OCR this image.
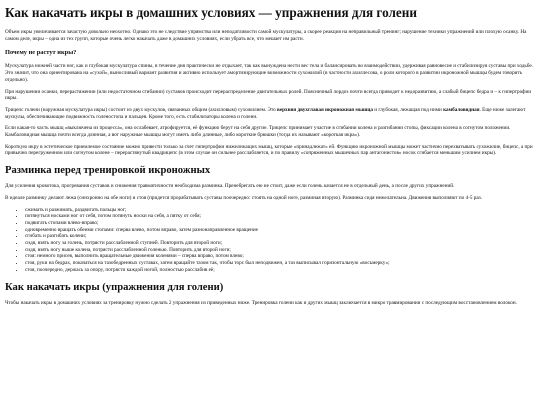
Как накачать икры в домашних условиях — упражнения для голени

Объем икры увеличивается зачастую довольно неохотно. Однако это не следствие упрямства или неподатливости самой мускулатуры, а скорее реакция на неправильный тренинг; нарушение техники упражнений или плохую осанку. На самом деле, икры – одна из тех групп, которые очень легко накачать даже в домашних условиях, если убрать все, что мешает им расти.

Почему не растут икры?

Мускулатура нижней части ног, как и глубокая мускулатура спины, в течение дня практически не отдыхает, так как вынуждена нести вес тела и балансировать во взаимодействии, удерживая равновесие и стабилизируя суставы при ходьбе. Это значит, что она ориентирована на «сухой», выносливый вариант развития и активно использует амортизирующие возможности сухожилий (в частности ахиллесова, о роли которого в развитии икроножной мышцы будем говорить отдельно).

При нарушении осанки, перерастяжении (или недостаточном сгибании) суставов происходит перераспределение двигательных ролей. Поясничный лордоз почти всегда приводит к недоразвитию, а слабый бицепс бедра и – к гипертрофии икры.

Трицепс голени (наружная мускулатура икры) состоит из двух мускулов, связанных общим (ахилловым) сухожилием. Это верхняя двухглавая икроножная мышца и глубокая, лежащая под ними камбаловидная. Еще ниже залегают мускулы, обеспечивающие подвижность голеностопа и пальцев. Кроме того, есть стабилизаторы колена и голени.

Если какая-то часть мышц «выключена из процесса», она ослабевает, атрофируется, её функцию берут на себя другие. Трицепс принимает участие в сгибании колена и разгибании стопы, фиксации колена в согнутом положении. Камбаловидная мышца почти всегда длинная, а вот наружные мышцы могут иметь либо длинные, либо короткие брюшки (тогда их называют «короткая икра»).

Короткую икру в эстетическое приемлемое состояние можно привести только за счет гипертрофии нижележащих мышц, которые «принадлежат» ей. Функцию икроножной мышцы может частично перехватывать сухожилие, бицепс, а при привычно перегруженном или согнутом колене – перерастянутый квадрицепс (в этом случае он сильнее расслабляется, и по правилу «сопряженных мышечных пар антагонистов» носок сгибается меньшим усилием икры).

Разминка перед тренировкой икроножных

Для усиления кровотока, прогревания суставов и снижения травматичности необходима разминка. Пренебрегать ею не стоит, даже если голень качается не в отдельный день, а после других упражнений.

В идеале разминку делают лежа (синхронно на обе ноги) и стоя (придется прорабатывать суставы поочередно: стоять на одной ноге, разминая вторую). Разминка сидя нежелательна. Движения выполняют по 4-5 раз.

• сжимать и разжимать, раздвигать пальцы ног;
• потянуться носками ног от себя, потом потянуть носки на себя, а пятку от себя;
• подвигать стопами влево-вправо;
• одновременно вращать обеими стопами: сперва влево, потом вправо, затем разнонаправленное вращение
• сгибать и разгибать колени;
• сидя, взять ногу за голень, потрясти расслабленной ступней. Повторить для второй ноги;
• сидя, взять ногу выше колена, потрясти расслабленной голенью. Повторить для второй ноги;
• стоя: немного присев, выполнить вращательные движения коленями – сперва вправо, потом влево;
• стоя, руки на бедрах, покачаться на тазобедренных суставах, затем вращайте тазом так, чтобы торс был неподвижен, а таз выписывал горизонтальную «восьмерку»;
• стоя, поочередно, держась за опору, потрясти каждой ногой, полностью расслабив её;
Как накачать икры (упражнения для голени)

Чтобы накачать икры в домашних условиях за тренировку нужно сделать 2 упражнения из приведенных ниже. Тренировка голени как и других мышц заключается в микро травмировании с последующим восстановлением волокон.
